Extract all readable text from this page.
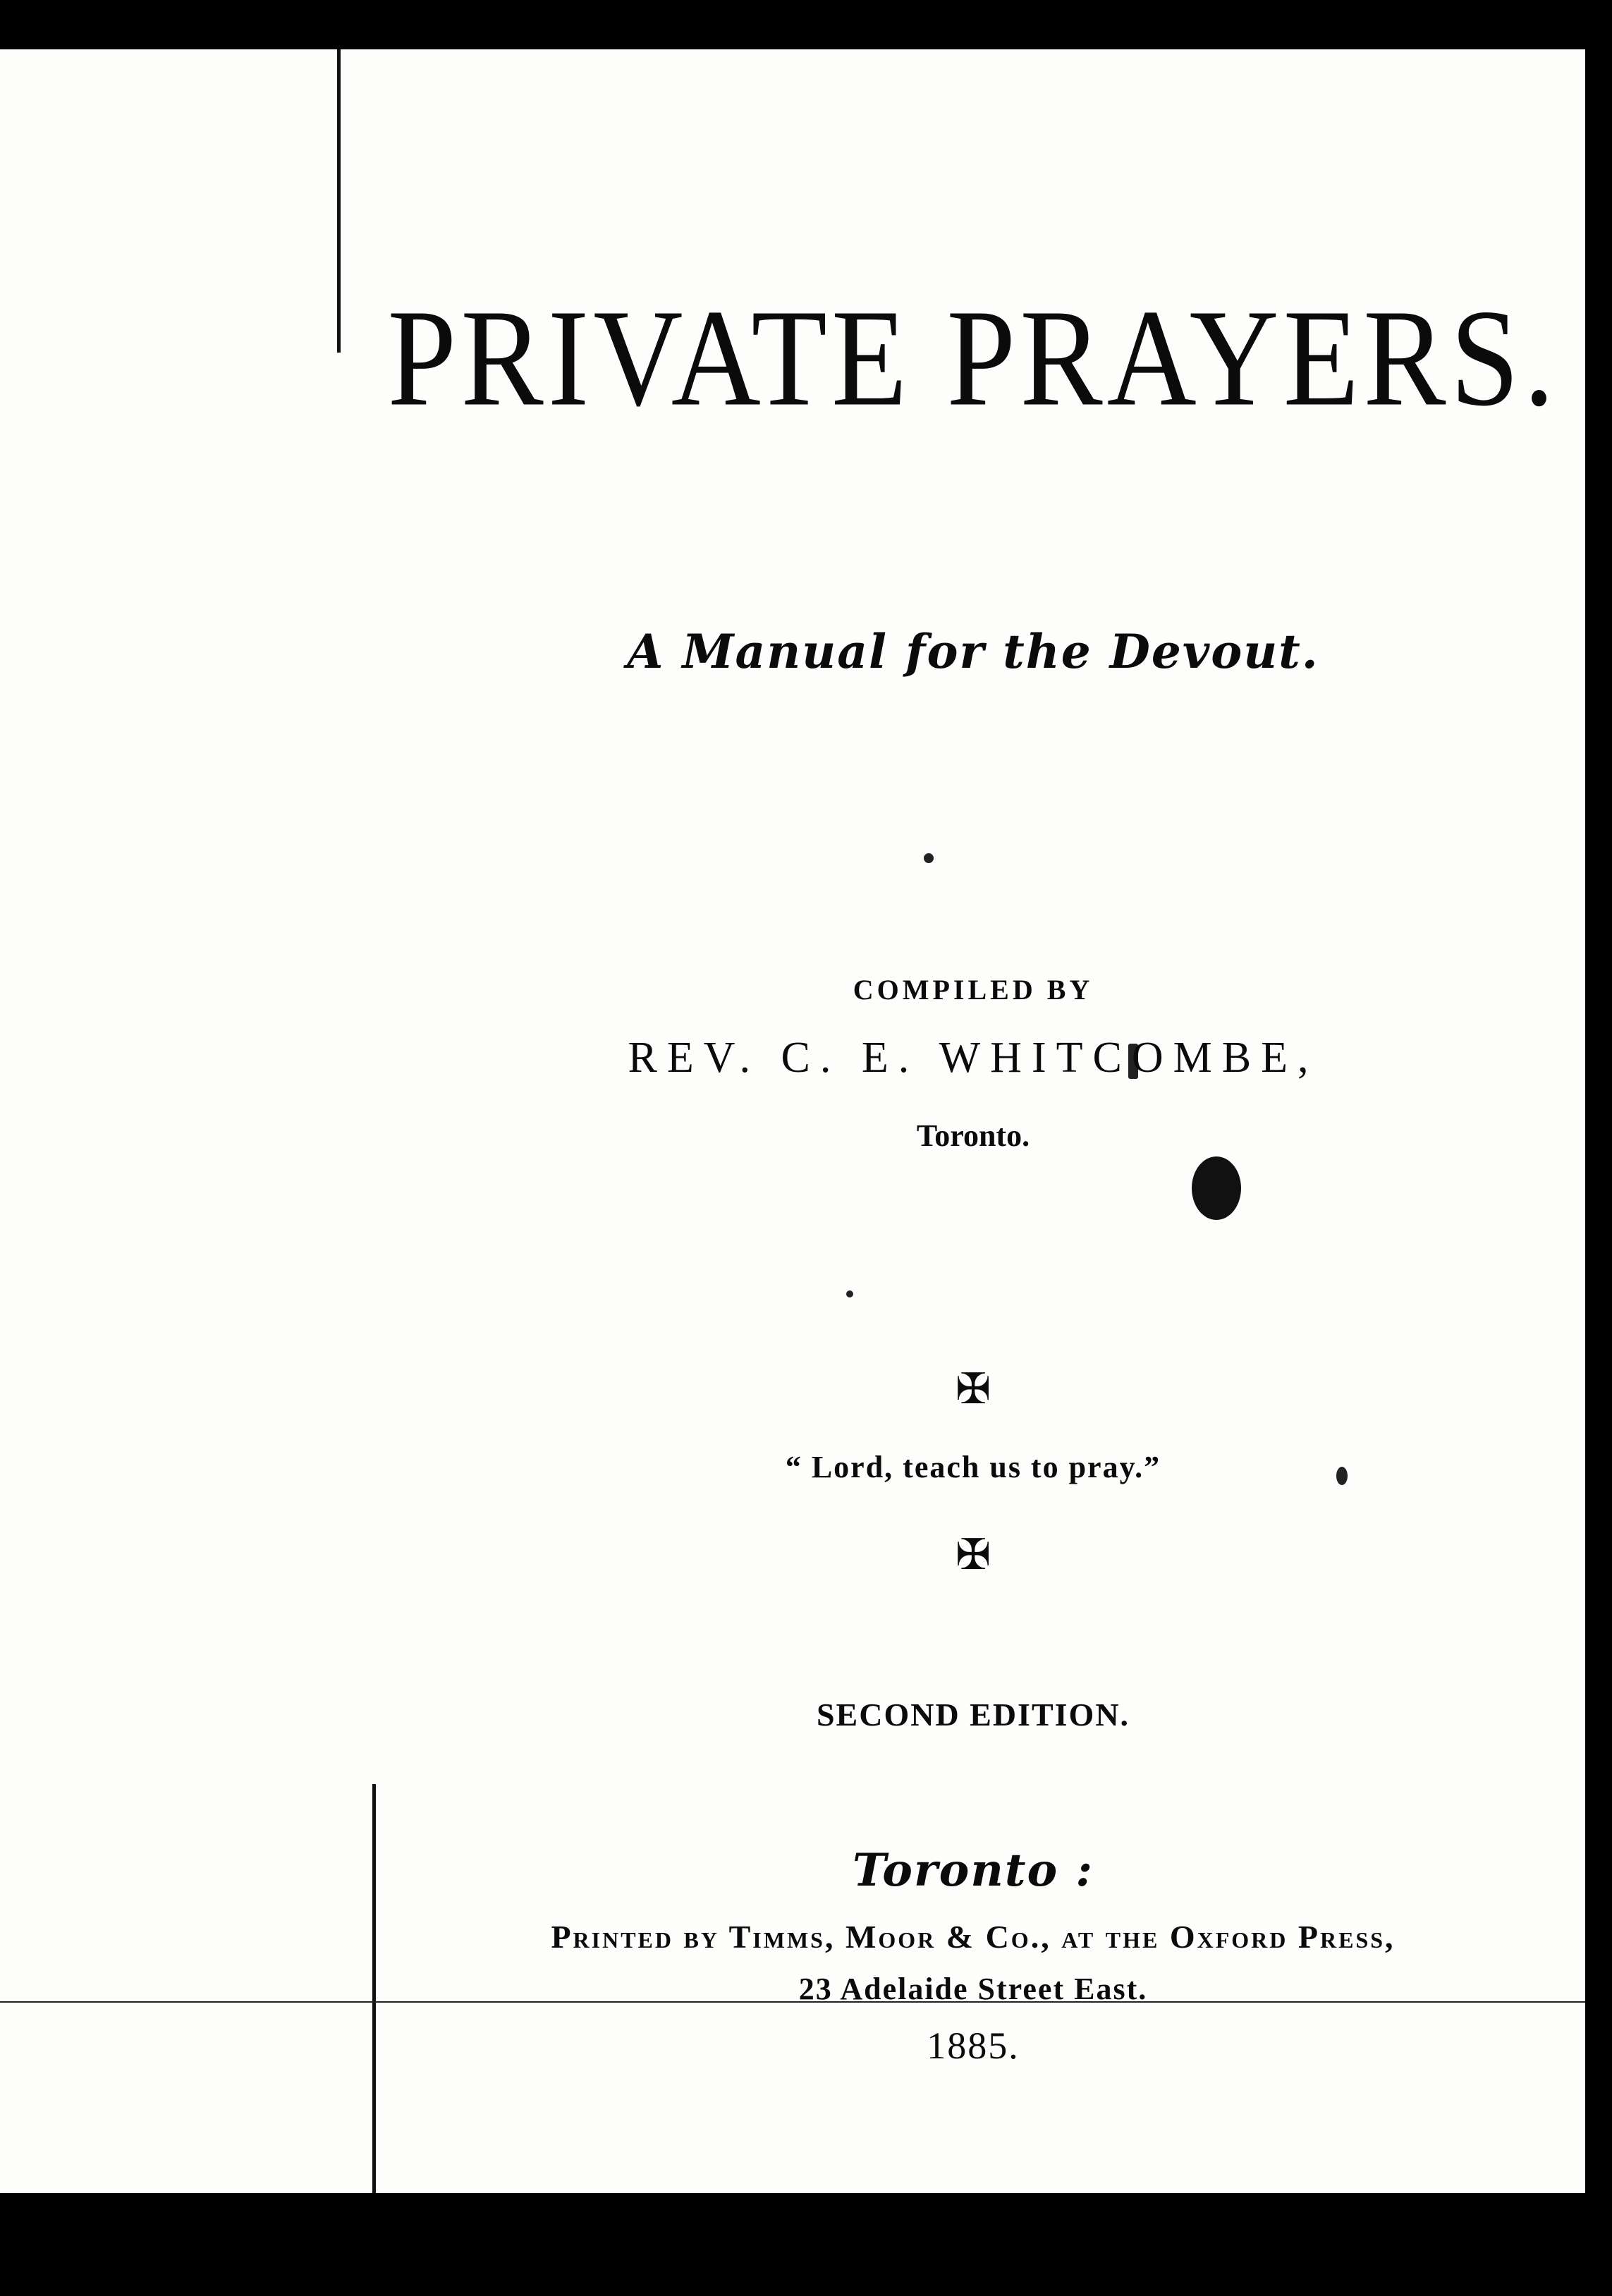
PRIVATE PRAYERS.
A Manual for the Devout.
COMPILED BY
REV. C. E. WHITCOMBE,
Toronto.
✠
“ Lord, teach us to pray.”
✠
SECOND EDITION.
Toronto :
Printed by Timms, Moor & Co., at the Oxford Press,
23 Adelaide Street East.
1885.
